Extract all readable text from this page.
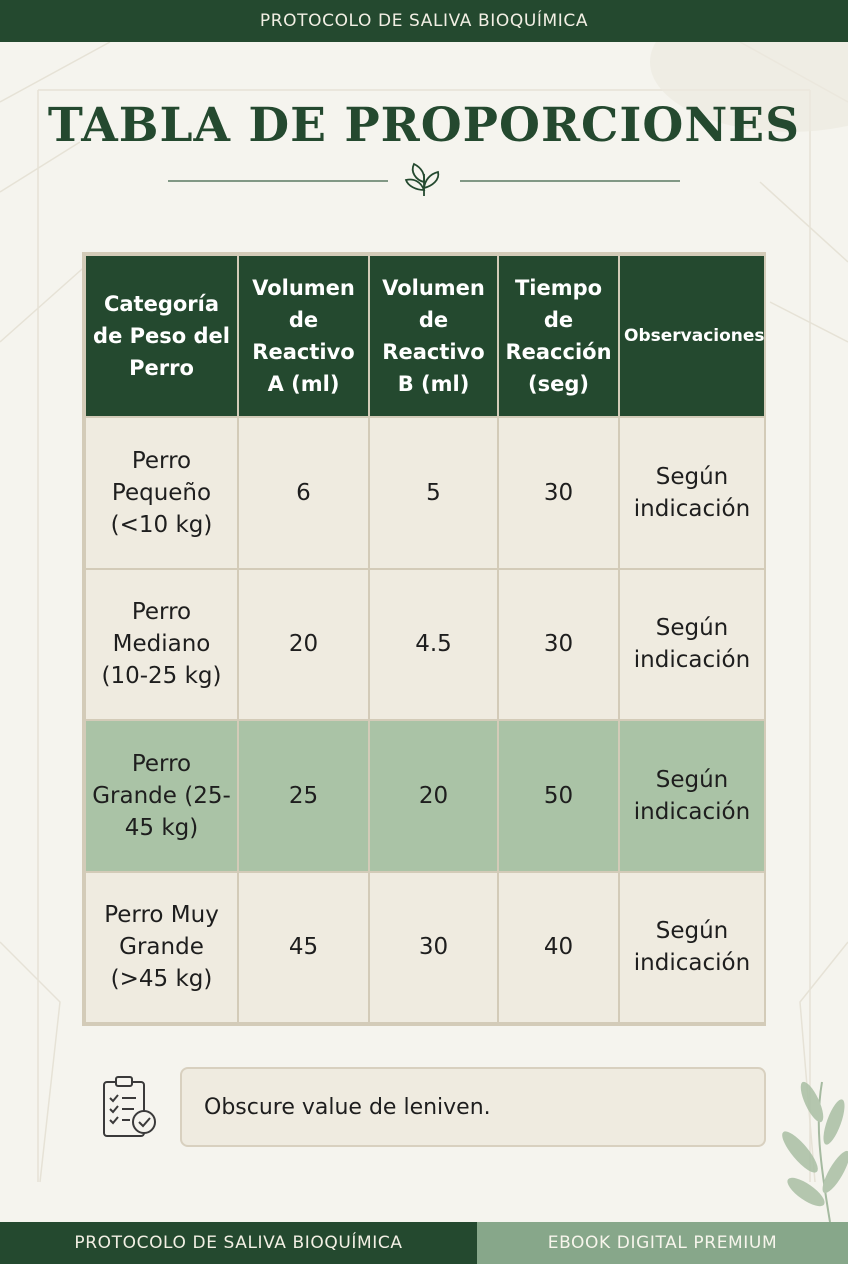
PROTOCOLO DE SALIVA BIOQUÍMICA
TABLA DE PROPORCIONES
Categoría de Peso del Perro	Volumen de Reactivo A (ml)	Volumen de Reactivo B (ml)	Tiempo de Reacción (seg)	Observaciones
Perro Pequeño (<10 kg)	6	5	30	Según indicación
Perro Mediano (10-25 kg)	20	4.5	30	Según indicación
Perro Grande (25-45 kg)	25	20	50	Según indicación
Perro Muy Grande (>45 kg)	45	30	40	Según indicación
Obscure value de leniven.
PROTOCOLO DE SALIVA BIOQUÍMICA	EBOOK DIGITAL PREMIUM
